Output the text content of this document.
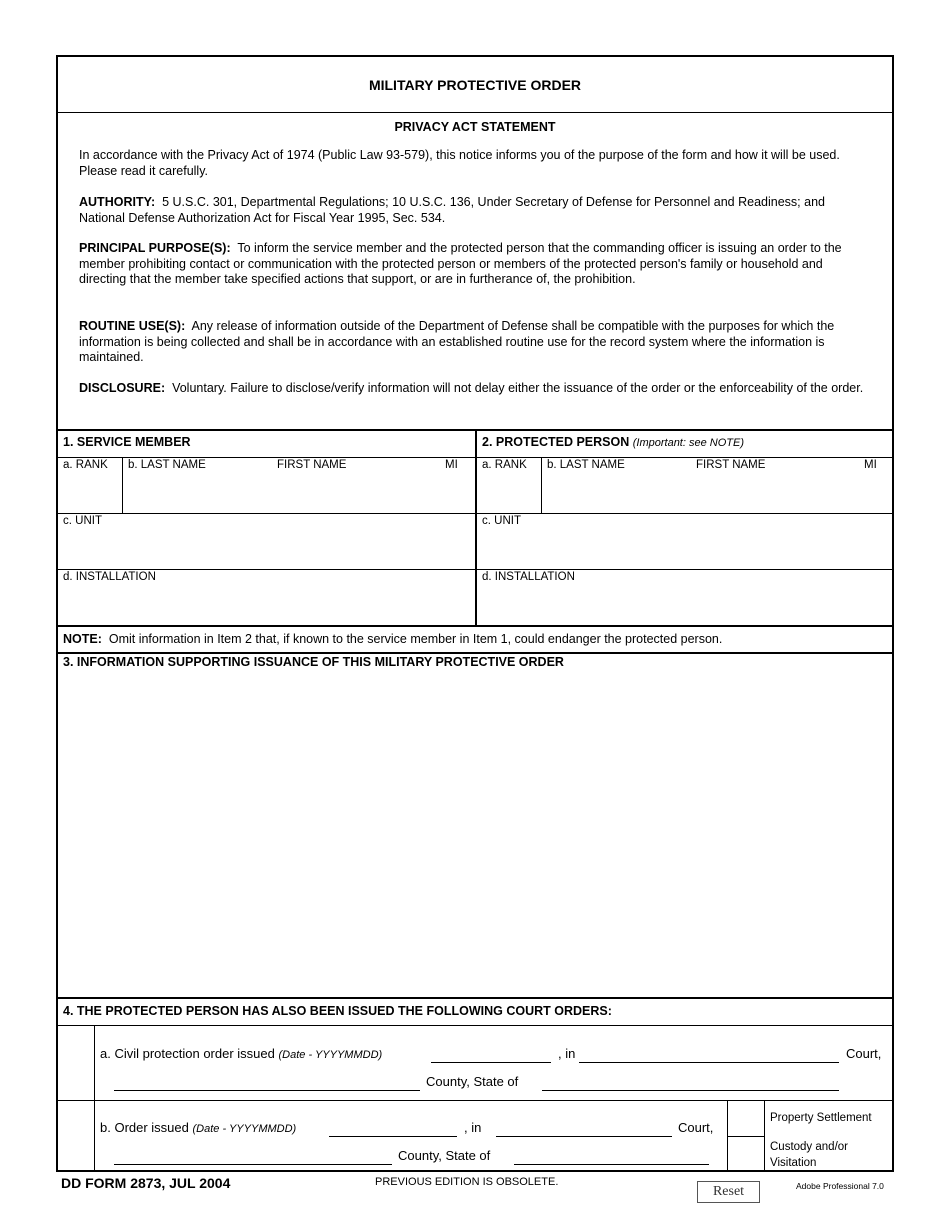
MILITARY PROTECTIVE ORDER
PRIVACY ACT STATEMENT
In accordance with the Privacy Act of 1974 (Public Law 93-579), this notice informs you of the purpose of the form and how it will be used. Please read it carefully.
AUTHORITY: 5 U.S.C. 301, Departmental Regulations; 10 U.S.C. 136, Under Secretary of Defense for Personnel and Readiness; and National Defense Authorization Act for Fiscal Year 1995, Sec. 534.
PRINCIPAL PURPOSE(S): To inform the service member and the protected person that the commanding officer is issuing an order to the member prohibiting contact or communication with the protected person or members of the protected person's family or household and directing that the member take specified actions that support, or are in furtherance of, the prohibition.
ROUTINE USE(S): Any release of information outside of the Department of Defense shall be compatible with the purposes for which the information is being collected and shall be in accordance with an established routine use for the record system where the information is maintained.
DISCLOSURE: Voluntary. Failure to disclose/verify information will not delay either the issuance of the order or the enforceability of the order.
1. SERVICE MEMBER	2. PROTECTED PERSON (Important: see NOTE)
a. RANK b. LAST NAME	FIRST NAME	MI a. RANK b. LAST NAME	FIRST NAME	MI
c. UNIT	c. UNIT
d. INSTALLATION	d. INSTALLATION
NOTE: Omit information in Item 2 that, if known to the service member in Item 1, could endanger the protected person.
3. INFORMATION SUPPORTING ISSUANCE OF THIS MILITARY PROTECTIVE ORDER
4. THE PROTECTED PERSON HAS ALSO BEEN ISSUED THE FOLLOWING COURT ORDERS:
a. Civil protection order issued (Date - YYYYMMDD)	, in	Court,
County, State of
b. Order issued (Date - YYYYMMDD)	, in	Court,
County, State of
Property Settlement
Custody and/or
Visitation
DD FORM 2873, JUL 2004	PREVIOUS EDITION IS OBSOLETE.
Reset	Adobe Professional 7.0
